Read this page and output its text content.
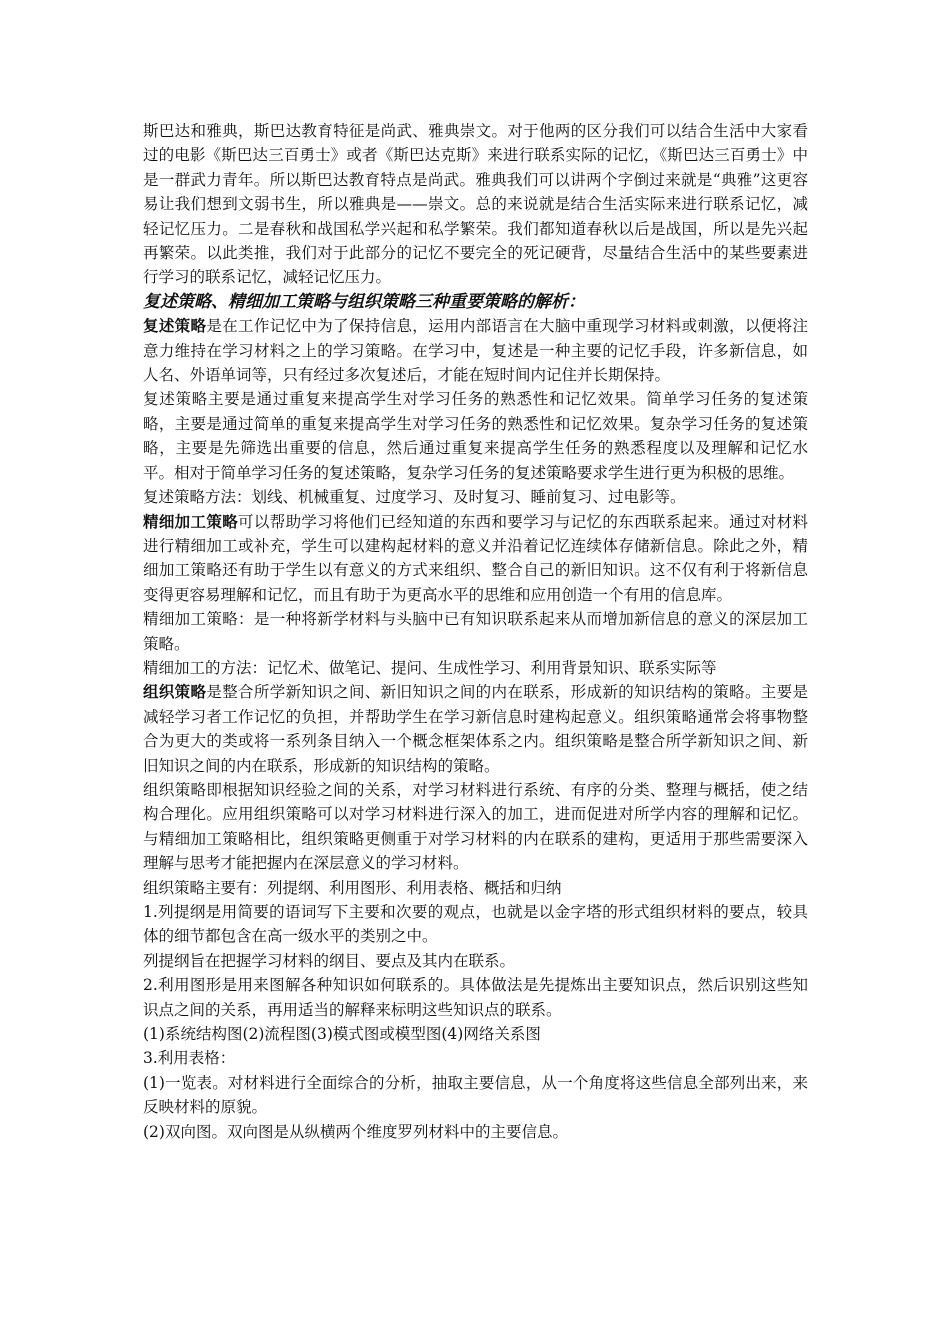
斯巴达和雅典，斯巴达教育特征是尚武、雅典崇文。对于他两的区分我们可以结合生活中大家看过的电影《斯巴达三百勇士》或者《斯巴达克斯》来进行联系实际的记忆，《斯巴达三百勇士》中是一群武力青年。所以斯巴达教育特点是尚武。雅典我们可以讲两个字倒过来就是“典雅”这更容易让我们想到文弱书生，所以雅典是——崇文。总的来说就是结合生活实际来进行联系记忆，减轻记忆压力。二是春秋和战国私学兴起和私学繁荣。我们都知道春秋以后是战国，所以是先兴起再繁荣。以此类推，我们对于此部分的记忆不要完全的死记硬背，尽量结合生活中的某些要素进行学习的联系记忆，减轻记忆压力。

复述策略、精细加工策略与组织策略三种重要策略的解析：

复述策略是在工作记忆中为了保持信息，运用内部语言在大脑中重现学习材料或刺激，以便将注意力维持在学习材料之上的学习策略。在学习中，复述是一种主要的记忆手段，许多新信息，如人名、外语单词等，只有经过多次复述后，才能在短时间内记住并长期保持。

复述策略主要是通过重复来提高学生对学习任务的熟悉性和记忆效果。简单学习任务的复述策略，主要是通过简单的重复来提高学生对学习任务的熟悉性和记忆效果。复杂学习任务的复述策略，主要是先筛选出重要的信息，然后通过重复来提高学生任务的熟悉程度以及理解和记忆水平。相对于简单学习任务的复述策略，复杂学习任务的复述策略要求学生进行更为积极的思维。

复述策略方法：划线、机械重复、过度学习、及时复习、睡前复习、过电影等。

精细加工策略可以帮助学习将他们已经知道的东西和要学习与记忆的东西联系起来。通过对材料进行精细加工或补充，学生可以建构起材料的意义并沿着记忆连续体存储新信息。除此之外，精细加工策略还有助于学生以有意义的方式来组织、整合自己的新旧知识。这不仅有利于将新信息变得更容易理解和记忆，而且有助于为更高水平的思维和应用创造一个有用的信息库。

精细加工策略：是一种将新学材料与头脑中已有知识联系起来从而增加新信息的意义的深层加工策略。

精细加工的方法：记忆术、做笔记、提问、生成性学习、利用背景知识、联系实际等

组织策略是整合所学新知识之间、新旧知识之间的内在联系，形成新的知识结构的策略。主要是减轻学习者工作记忆的负担，并帮助学生在学习新信息时建构起意义。组织策略通常会将事物整合为更大的类或将一系列条目纳入一个概念框架体系之内。组织策略是整合所学新知识之间、新旧知识之间的内在联系，形成新的知识结构的策略。

组织策略即根据知识经验之间的关系，对学习材料进行系统、有序的分类、整理与概括，使之结构合理化。应用组织策略可以对学习材料进行深入的加工，进而促进对所学内容的理解和记忆。与精细加工策略相比，组织策略更侧重于对学习材料的内在联系的建构，更适用于那些需要深入理解与思考才能把握内在深层意义的学习材料。

组织策略主要有：列提纲、利用图形、利用表格、概括和归纳

1.列提纲是用简要的语词写下主要和次要的观点，也就是以金字塔的形式组织材料的要点，较具体的细节都包含在高一级水平的类别之中。

列提纲旨在把握学习材料的纲目、要点及其内在联系。

2.利用图形是用来图解各种知识如何联系的。具体做法是先提炼出主要知识点，然后识别这些知识点之间的关系，再用适当的解释来标明这些知识点的联系。

(1)系统结构图(2)流程图(3)模式图或模型图(4)网络关系图

3.利用表格：

(1)一览表。对材料进行全面综合的分析，抽取主要信息，从一个角度将这些信息全部列出来，来反映材料的原貌。

(2)双向图。双向图是从纵横两个维度罗列材料中的主要信息。
